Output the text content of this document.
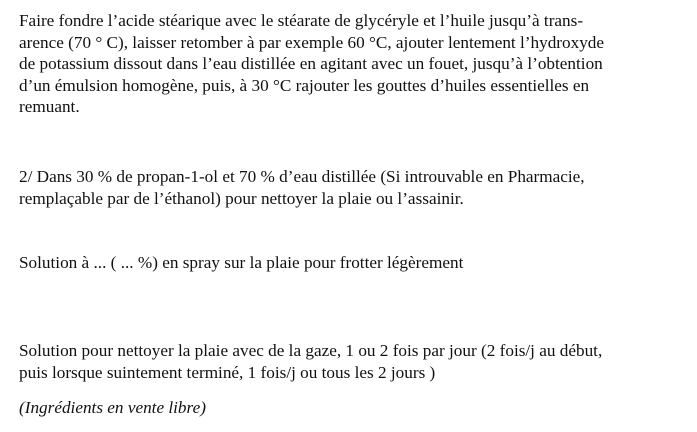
Faire fondre l’acide stéarique avec le stéarate de glycéryle et l’huile jusqu’à trans-
arence (70 ° C), laisser retomber à par exemple 60 °C, ajouter lentement l’hydroxyde
de potassium dissout dans l’eau distillée en agitant avec un fouet, jusqu’à l’obtention
d’un émulsion homogène, puis, à 30 °C rajouter les gouttes d’huiles essentielles en
remuant.

2/ Dans 30 % de propan-1-ol et 70 % d’eau distillée (Si introuvable en Pharmacie,
remplaçable par de l’éthanol) pour nettoyer la plaie ou l’assainir.

Solution à ... ( ... %) en spray sur la plaie pour frotter légèrement

Solution pour nettoyer la plaie avec de la gaze, 1 ou 2 fois par jour (2 fois/j au début,
puis lorsque suintement terminé, 1 fois/j ou tous les 2 jours )

(Ingrédients en vente libre)
